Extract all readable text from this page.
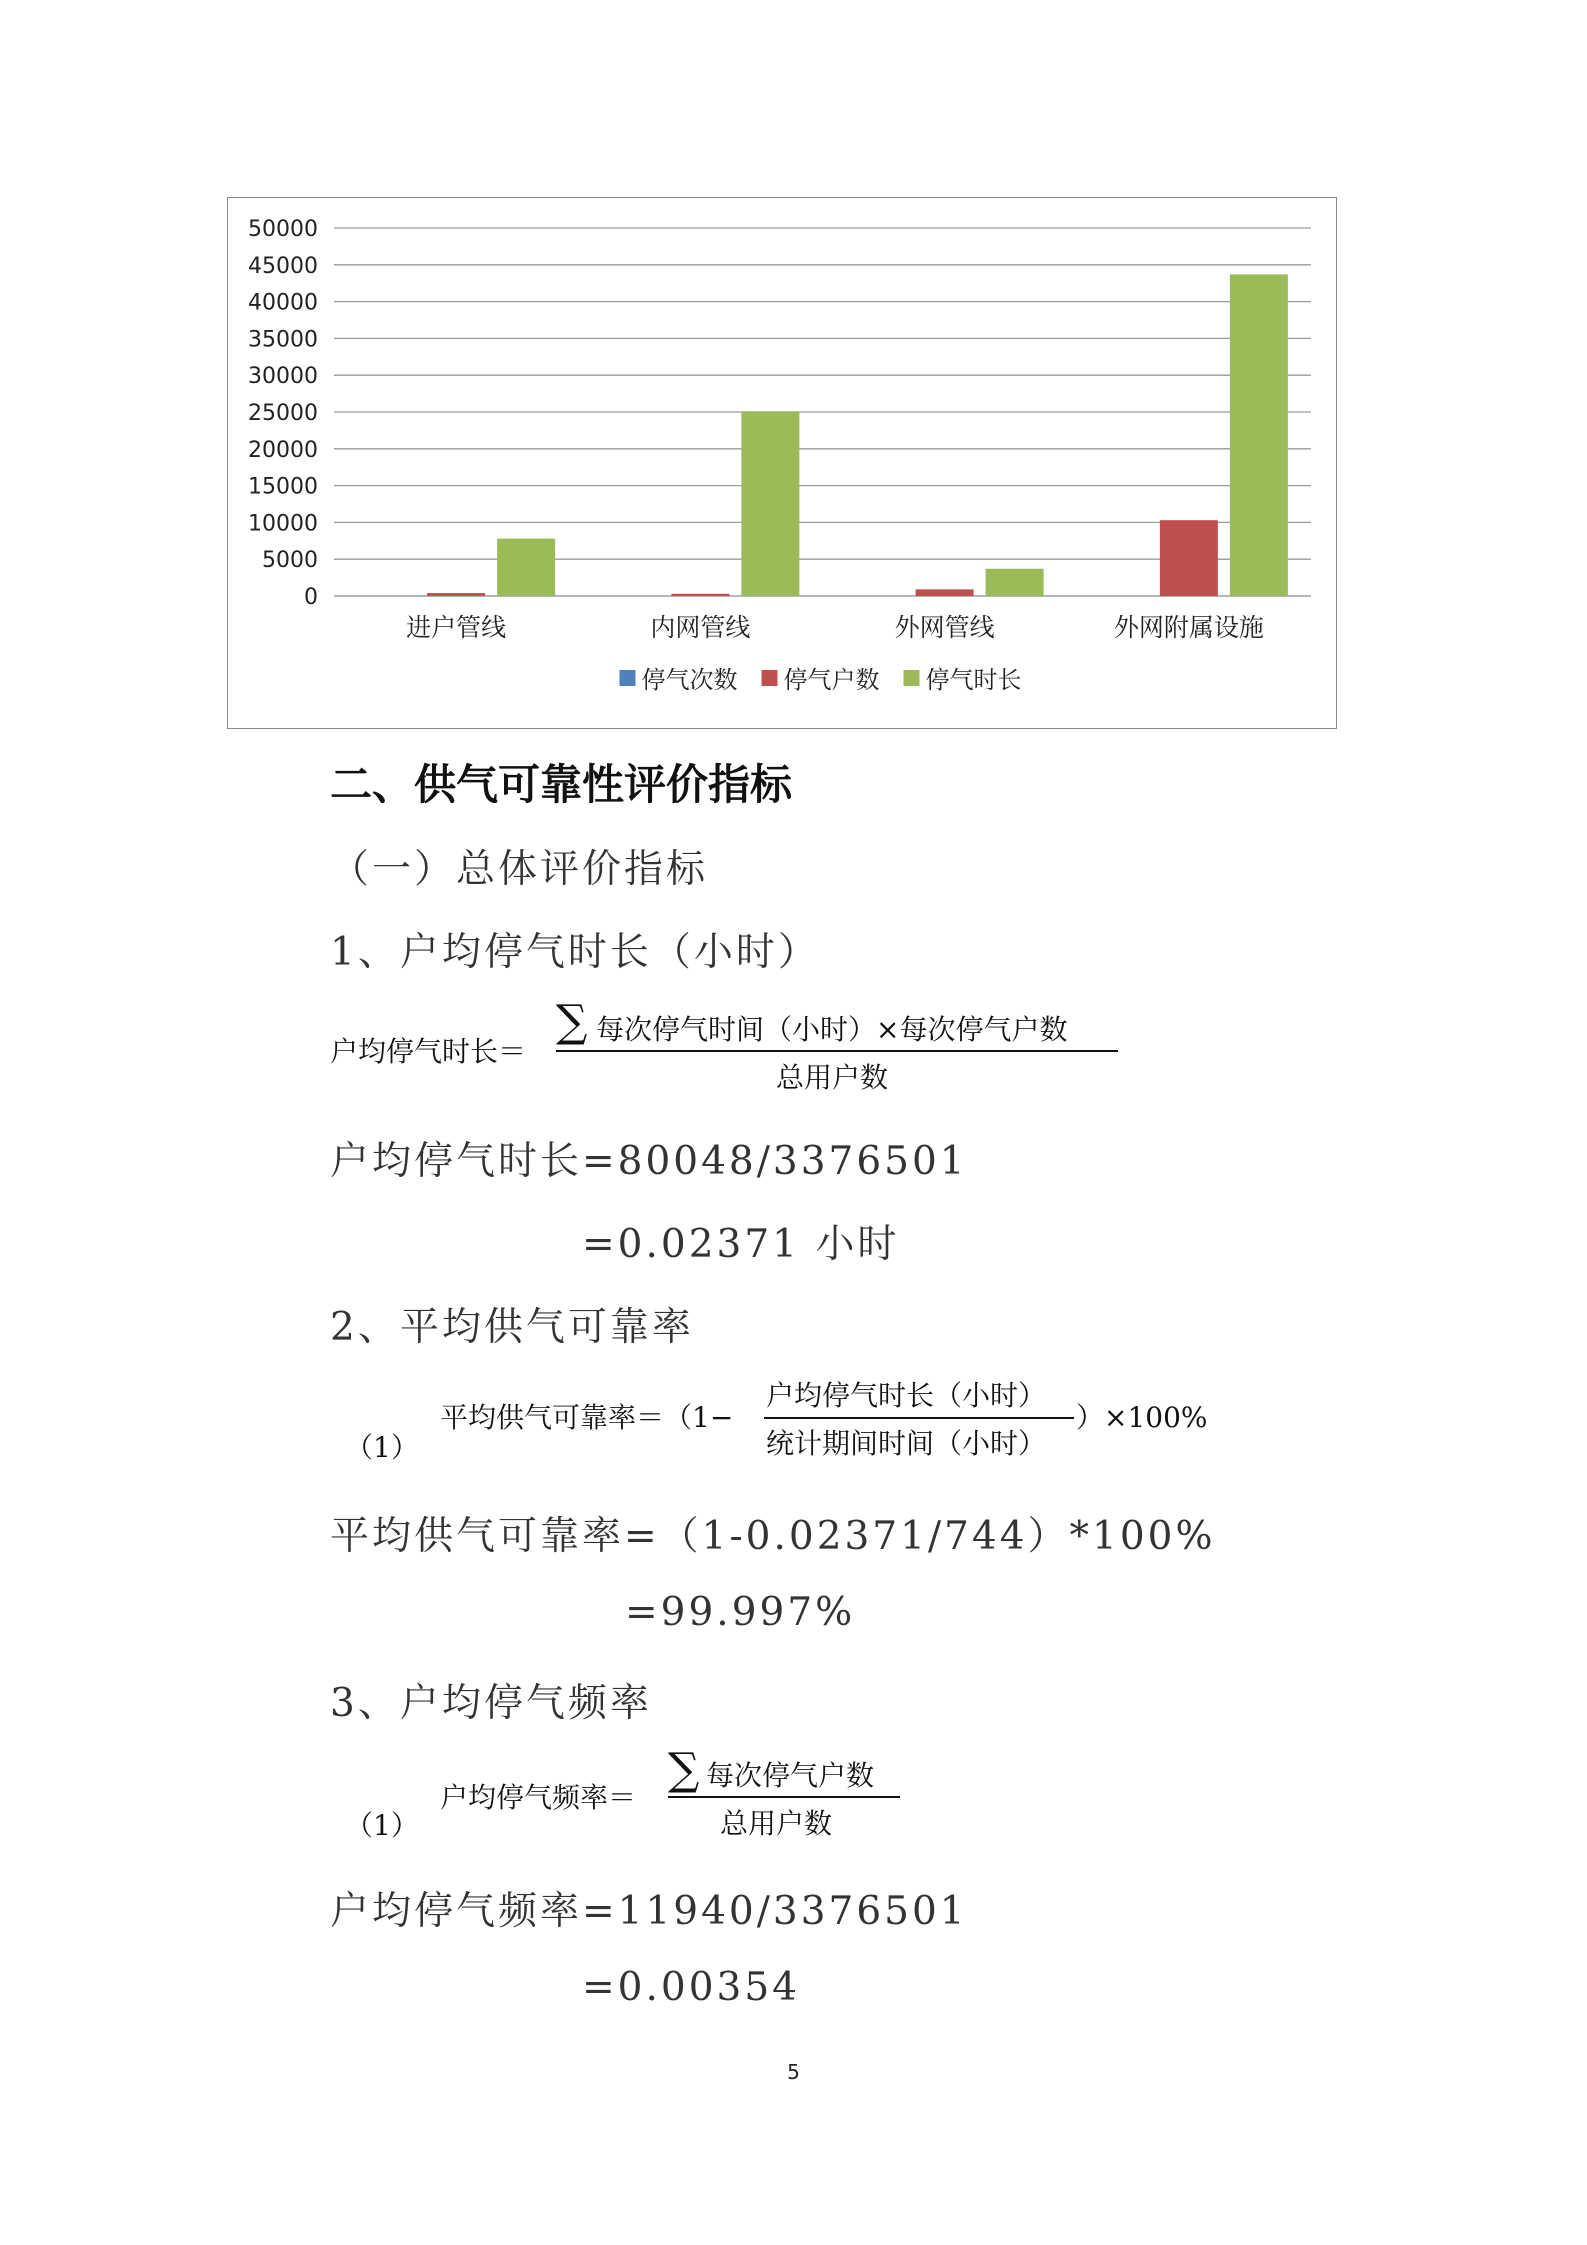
50000
45000
40000
35000
30000
25000
20000
15000
10000
5000
0
进户管线	内网管线	外网管线	外网附属设施
停气次数 停气户数 停气时长
二、供气可靠性评价指标
（一）总体评价指标
1、户均停气时长（小时）
户均停气时长＝
∑ 每次停气时间（小时）×每次停气户数
总用户数
户均停气时长=80048/3376501
=0.02371 小时
2、平均供气可靠率
（1）
平均供气可靠率＝（1−
户均停气时长（小时）
统计期间时间（小时）
）×100%
平均供气可靠率=（1-0.02371/744）*100%
=99.997%
3、户均停气频率
（1）
户均停气频率＝
∑ 每次停气户数
总用户数
户均停气频率=11940/3376501
=0.00354
5
